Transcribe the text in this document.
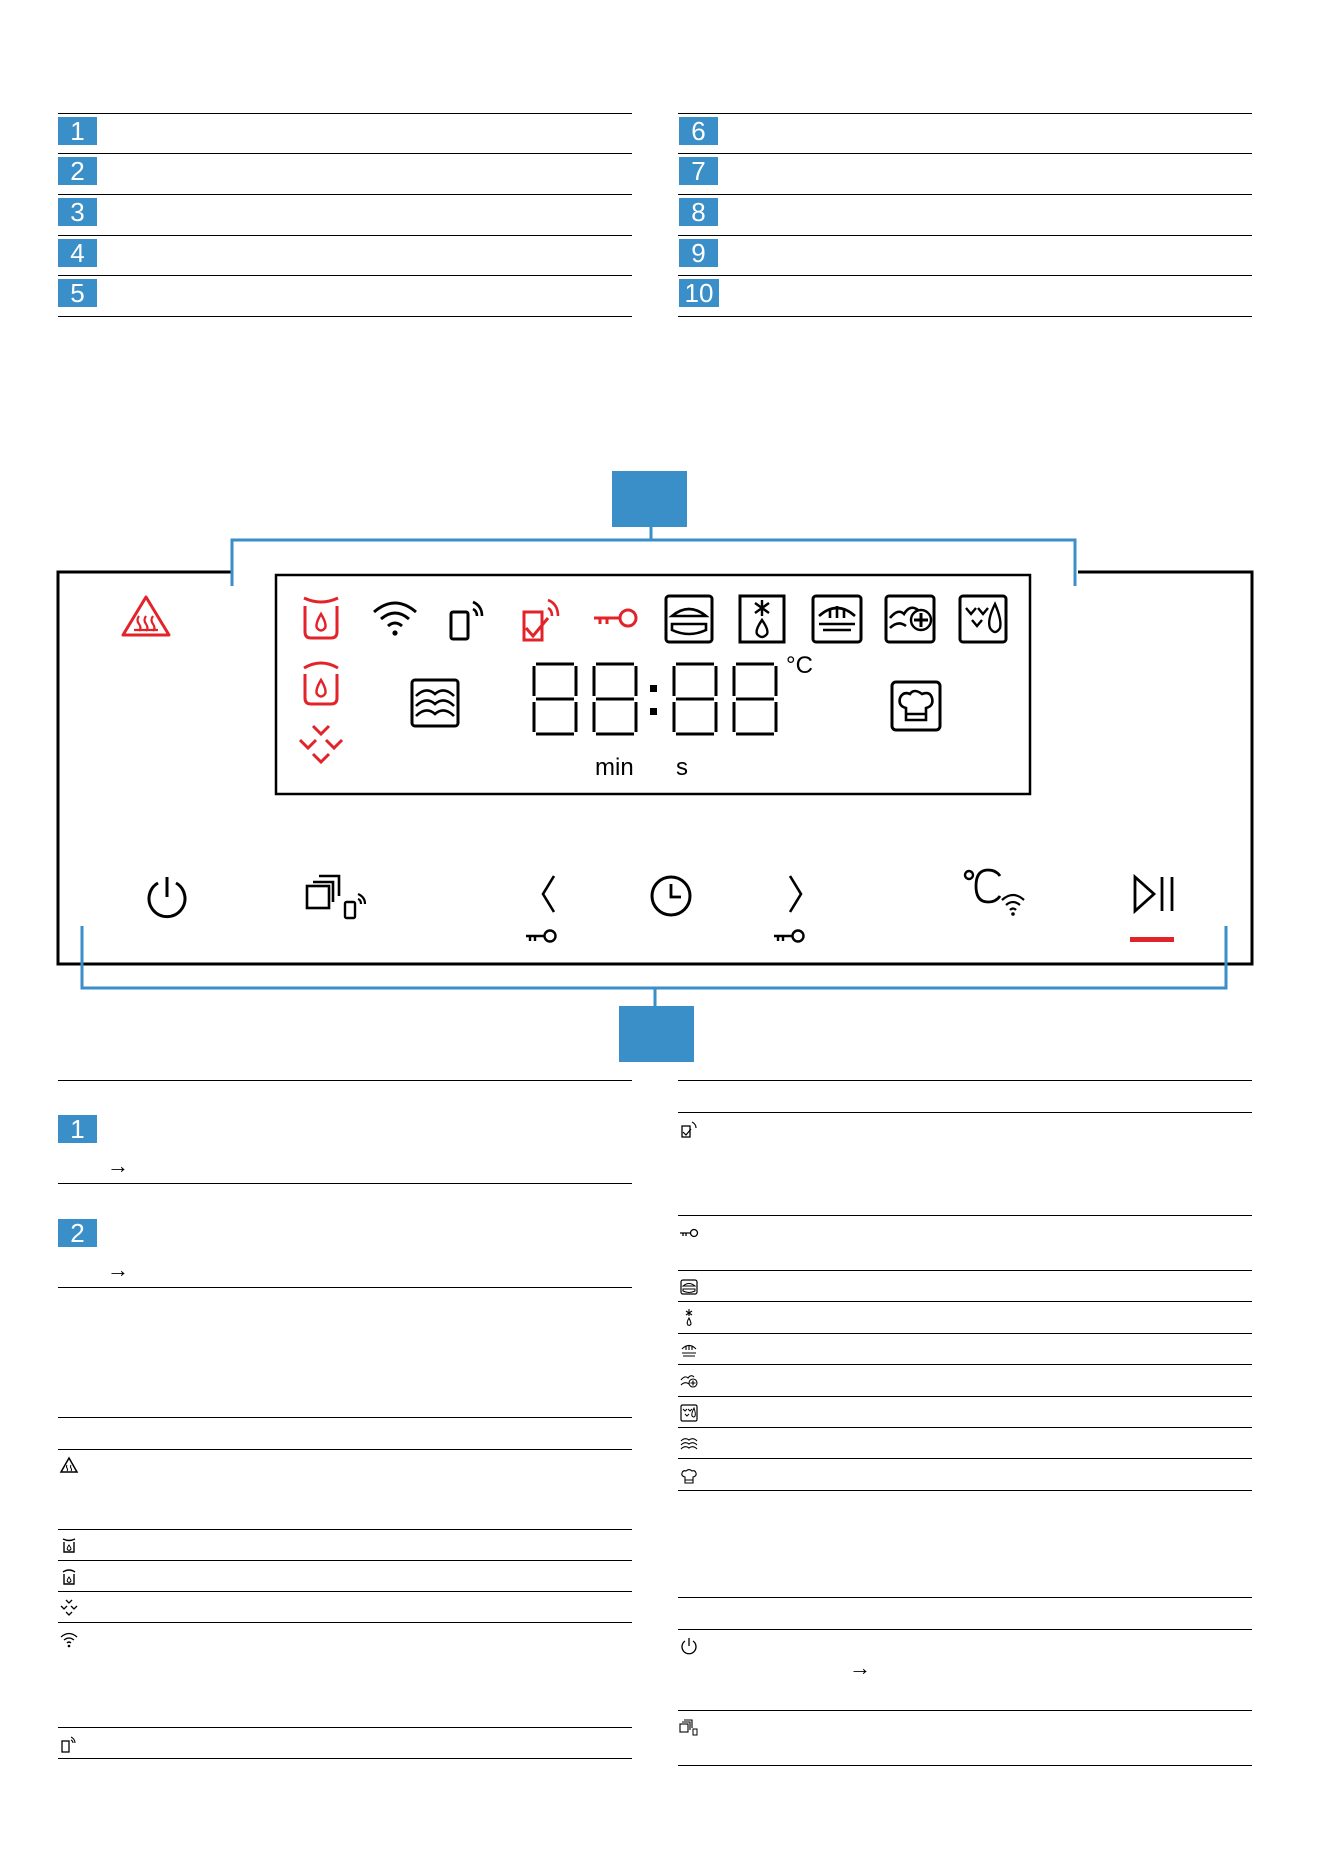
1
2
3
4
5
6
7
8
9
10
°C
min s
1
→
2
→
→
